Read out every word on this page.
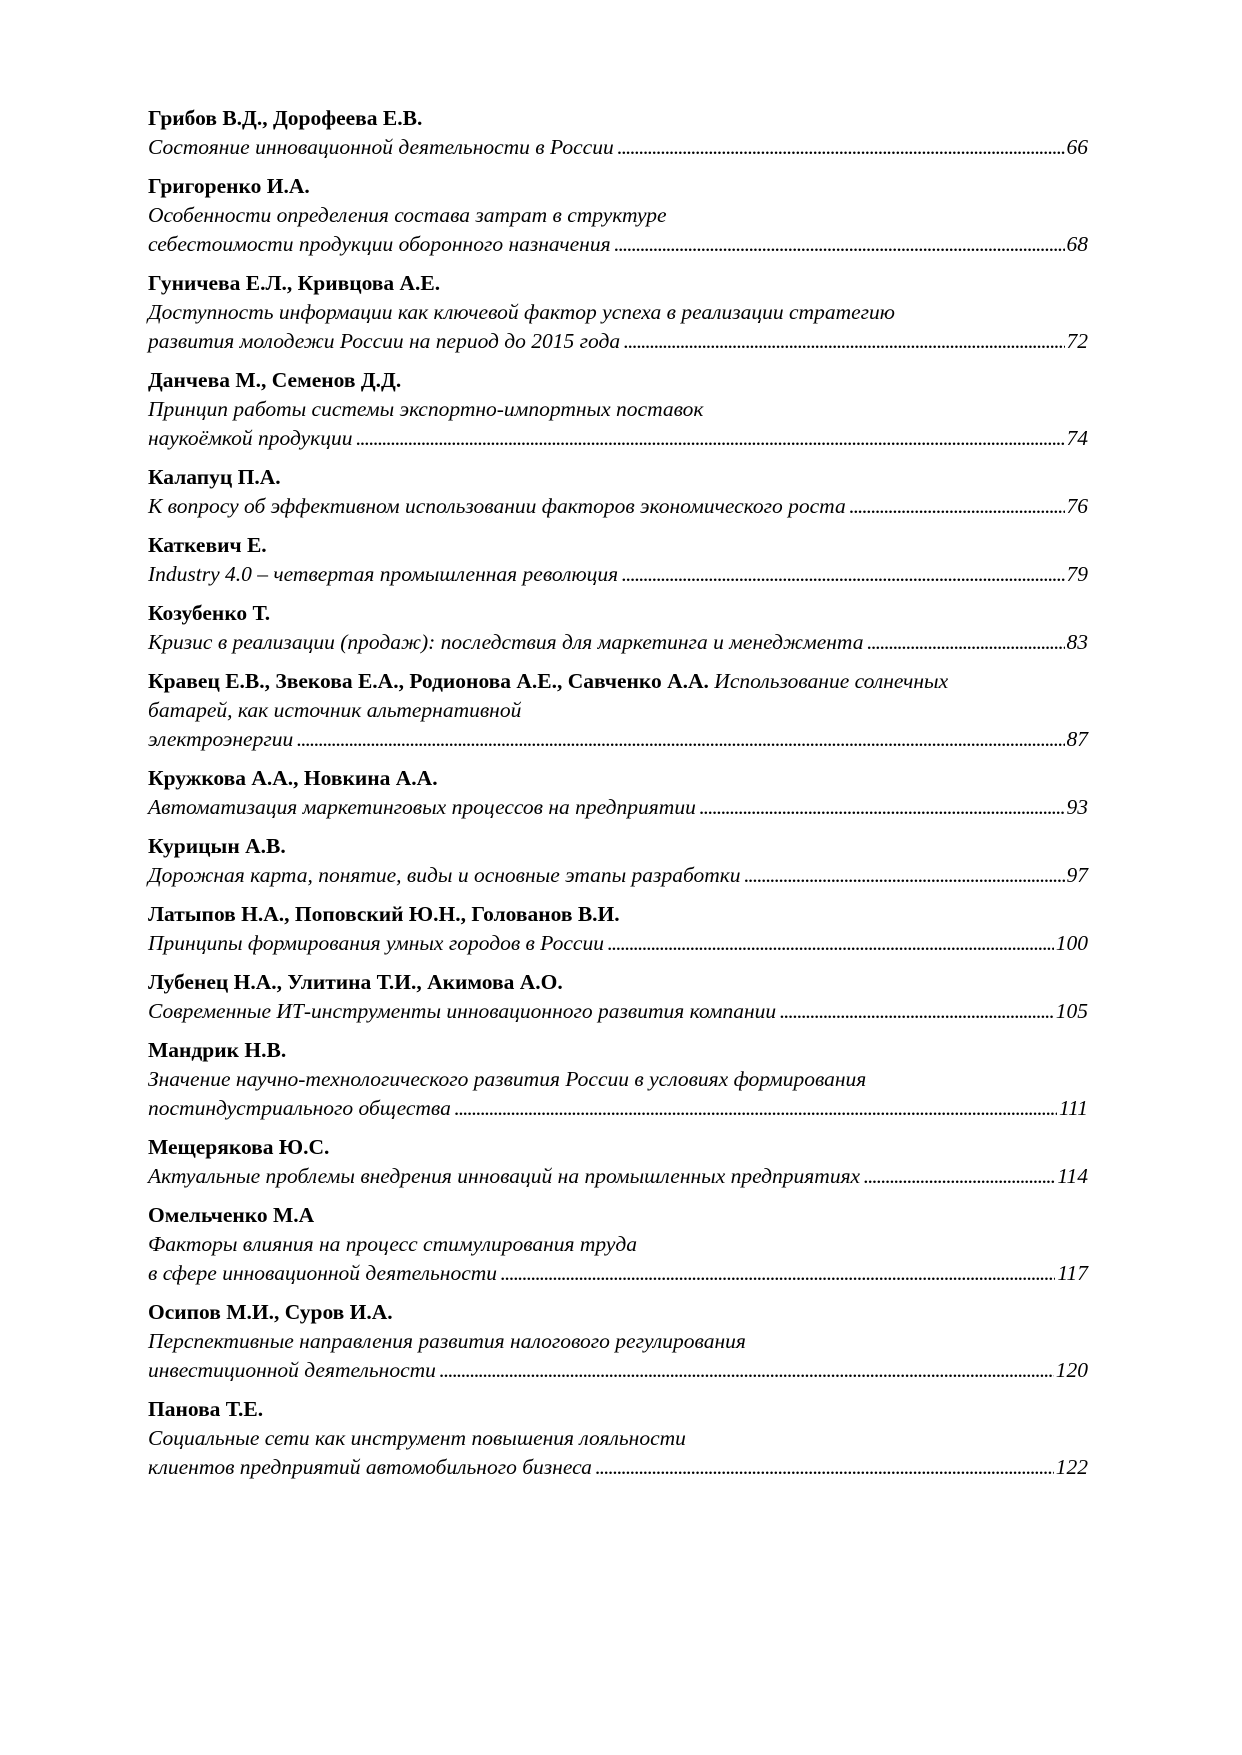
Грибов В.Д., Дорофеева Е.В.
Состояние инновационной деятельности в России . . .	66
Григоренко И.А.
Особенности определения состава затрат в структуре
себестоимости продукции оборонного назначения . . .	68
Гуничева Е.Л., Кривцова А.Е.
Доступность информации как ключевой фактор успеха в реализации стратегию
развития молодежи России на период до 2015 года . . .	72
Данчева М., Семенов Д.Д.
Принцип работы системы экспортно-импортных поставок
наукоёмкой продукции . . .	74
Калапуц П.А.
К вопросу об эффективном использовании факторов экономического роста . . .	76
Каткевич Е.
Industry 4.0 – четвертая промышленная революция . . .	79
Козубенко Т.
Кризис в реализации (продаж): последствия для маркетинга и менеджмента . . .	83
Кравец Е.В., Звекова Е.А., Родионова А.Е., Савченко А.А. Использование солнечных
батарей, как источник альтернативной
электроэнергии . . .	87
Кружкова А.А., Новкина А.А.
Автоматизация маркетинговых процессов на предприятии . . .	93
Курицын А.В.
Дорожная карта, понятие, виды и основные этапы разработки . . .	97
Латыпов Н.А., Поповский Ю.Н., Голованов В.И.
Принципы формирования умных городов в России . . .	100
Лубенец Н.А., Улитина Т.И., Акимова А.О.
Современные ИТ-инструменты инновационного развития компании . . .	105
Мандрик Н.В.
Значение научно-технологического развития России в условиях формирования
постиндустриального общества . . .	111
Мещерякова Ю.С.
Актуальные проблемы внедрения инноваций на промышленных предприятиях . . .	114
Омельченко М.А
Факторы влияния на процесс стимулирования труда
в сфере инновационной деятельности . . .	117
Осипов М.И., Суров И.А.
Перспективные направления развития налогового регулирования
инвестиционной деятельности . . .	120
Панова Т.Е.
Социальные сети как инструмент повышения лояльности
клиентов предприятий автомобильного бизнеса . . .	122
